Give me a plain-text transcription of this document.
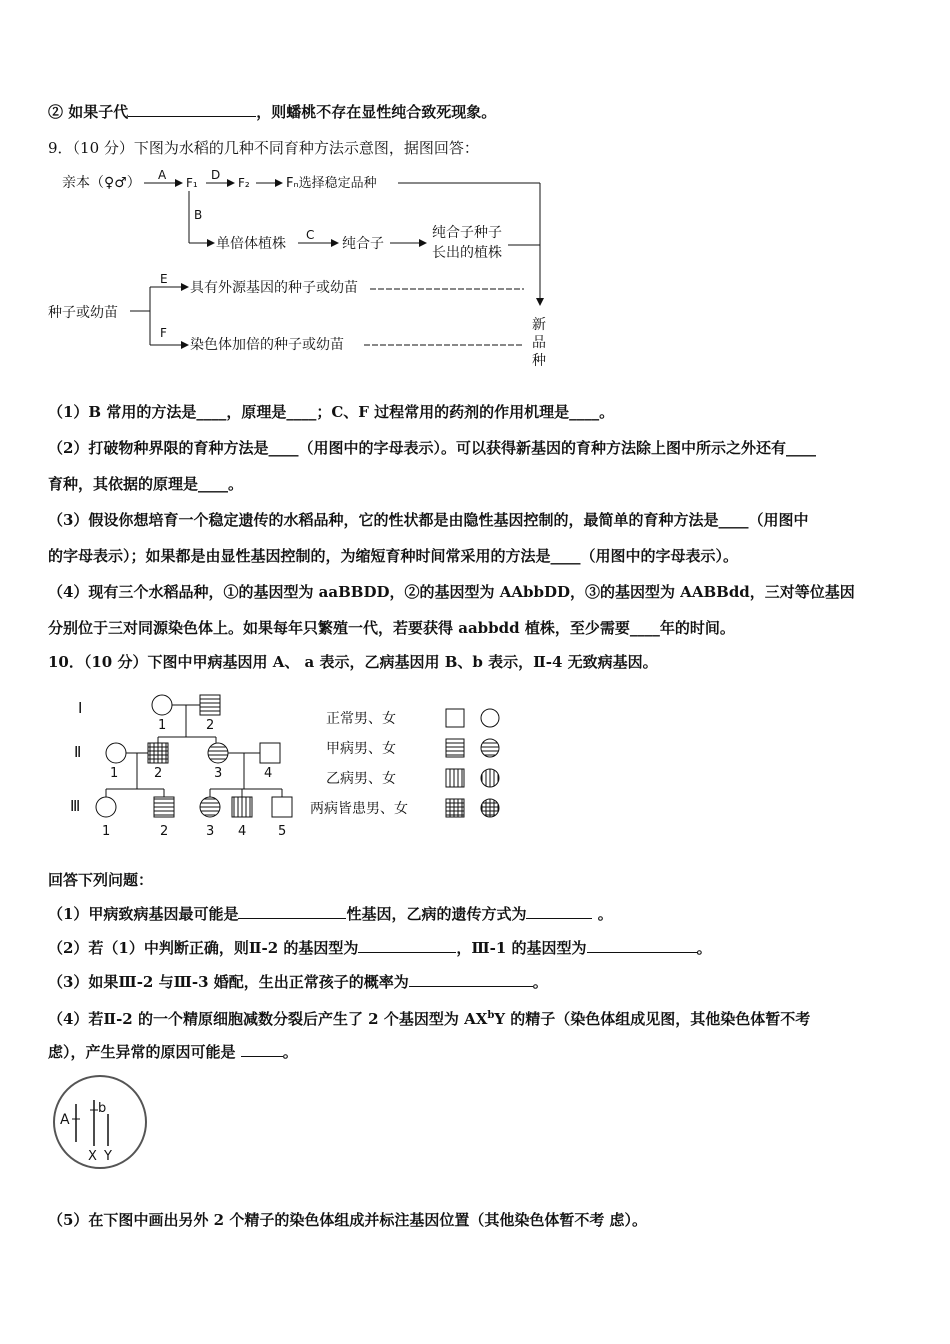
② 如果子代	，则蟠桃不存在显性纯合致死现象。
9．（10 分）下图为水稻的几种不同育种方法示意图，据图回答：
亲本（♀♂） A
F₁
D
F₂	Fₙ选择稳定品种
B
单倍体植株
C
纯合子
纯合子种子
长出的植株
种子或幼苗
E
具有外源基因的种子或幼苗
F
染色体加倍的种子或幼苗
新
品
种
（1）B 常用的方法是____，原理是____；C、F 过程常用的药剂的作用机理是____。
（2）打破物种界限的育种方法是____（用图中的字母表示）。可以获得新基因的育种方法除上图中所示之外还有____
育种，其依据的原理是____。
（3）假设你想培育一个稳定遗传的水稻品种，它的性状都是由隐性基因控制的，最简单的育种方法是____（用图中
的字母表示）；如果都是由显性基因控制的，为缩短育种时间常采用的方法是____（用图中的字母表示）。
（4）现有三个水稻品种，①的基因型为 aaBBDD，②的基因型为 AAbbDD，③的基因型为 AABBdd，三对等位基因
分别位于三对同源染色体上。如果每年只繁殖一代，若要获得 aabbdd 植株，至少需要____年的时间。
10．（10 分）下图中甲病基因用 A、 a 表示，乙病基因用 B、b 表示，Ⅱ-4 无致病基因。
Ⅰ
Ⅱ
Ⅲ
1	2
1	2	3	4
1	2	3 4 5
正常男、女
甲病男、女
乙病男、女
两病皆患男、女
回答下列问题：
（1）甲病致病基因最可能是	性基因，乙病的遗传方式为	。
（2）若（1）中判断正确，则Ⅱ-2 的基因型为	，Ⅲ-1 的基因型为	。
（3）如果Ⅲ-2 与Ⅲ-3 婚配，生出正常孩子的概率为	。
（4）若Ⅱ-2 的一个精原细胞减数分裂后产生了 2 个基因型为 $AX^bY$ 的精子（染色体组成见图，其他染色体暂不考
虑），产生异常的原因可能是	。
A
b
X Y
（5）在下图中画出另外 2 个精子的染色体组成并标注基因位置（其他染色体暂不考 虑）。
